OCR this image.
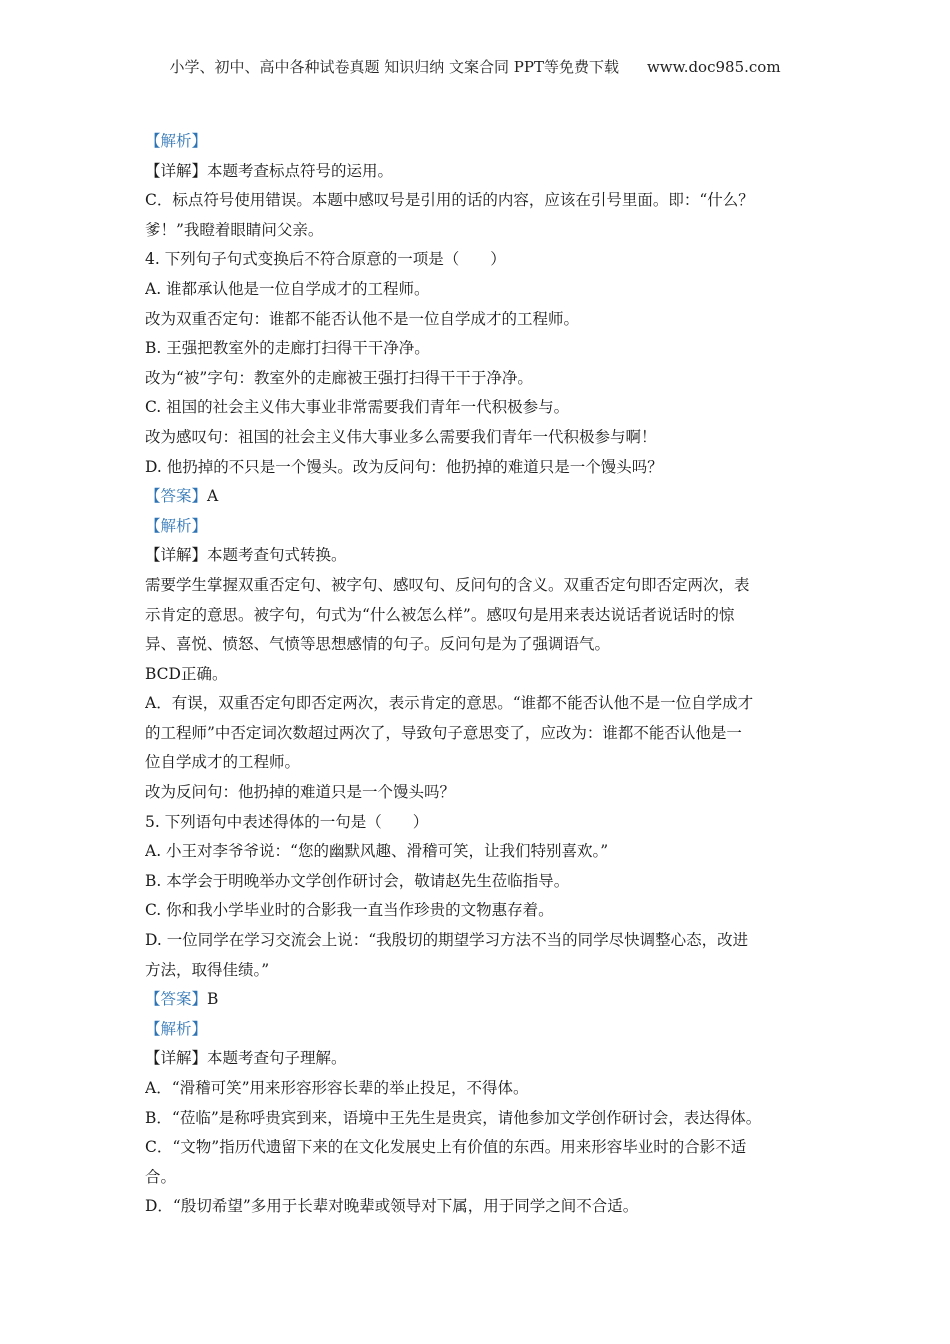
小学、初中、高中各种试卷真题 知识归纳 文案合同 PPT等免费下载 www.doc985.com
【解析】
【详解】本题考查标点符号的运用。
C．标点符号使用错误。本题中感叹号是引用的话的内容，应该在引号里面。即：“什么？
爹！”我瞪着眼睛问父亲。
4. 下列句子句式变换后不符合原意的一项是（　　）
A. 谁都承认他是一位自学成才的工程师。
改为双重否定句：谁都不能否认他不是一位自学成才的工程师。
B. 王强把教室外的走廊打扫得干干净净。
改为“被”字句：教室外的走廊被王强打扫得干干于净净。
C. 祖国的社会主义伟大事业非常需要我们青年一代积极参与。
改为感叹句：祖国的社会主义伟大事业多么需要我们青年一代积极参与啊！
D. 他扔掉的不只是一个馒头。改为反问句：他扔掉的难道只是一个馒头吗？
【答案】A
【解析】
【详解】本题考查句式转换。
需要学生掌握双重否定句、被字句、感叹句、反问句的含义。双重否定句即否定两次，表
示肯定的意思。被字句，句式为“什么被怎么样”。感叹句是用来表达说话者说话时的惊
异、喜悦、愤怒、气愤等思想感情的句子。反问句是为了强调语气。
BCD正确。
A．有误，双重否定句即否定两次，表示肯定的意思。“谁都不能否认他不是一位自学成才
的工程师”中否定词次数超过两次了，导致句子意思变了，应改为：谁都不能否认他是一
位自学成才的工程师。
改为反问句：他扔掉的难道只是一个馒头吗？
5. 下列语句中表述得体的一句是（　　）
A. 小王对李爷爷说：“您的幽默风趣、滑稽可笑，让我们特别喜欢。”
B. 本学会于明晚举办文学创作研讨会，敬请赵先生莅临指导。
C. 你和我小学毕业时的合影我一直当作珍贵的文物惠存着。
D. 一位同学在学习交流会上说：“我殷切的期望学习方法不当的同学尽快调整心态，改进
方法，取得佳绩。”
【答案】B
【解析】
【详解】本题考查句子理解。
A．“滑稽可笑”用来形容形容长辈的举止投足，不得体。
B．“莅临”是称呼贵宾到来，语境中王先生是贵宾，请他参加文学创作研讨会，表达得体。
C．“文物”指历代遗留下来的在文化发展史上有价值的东西。用来形容毕业时的合影不适
合。
D．“殷切希望”多用于长辈对晚辈或领导对下属，用于同学之间不合适。
